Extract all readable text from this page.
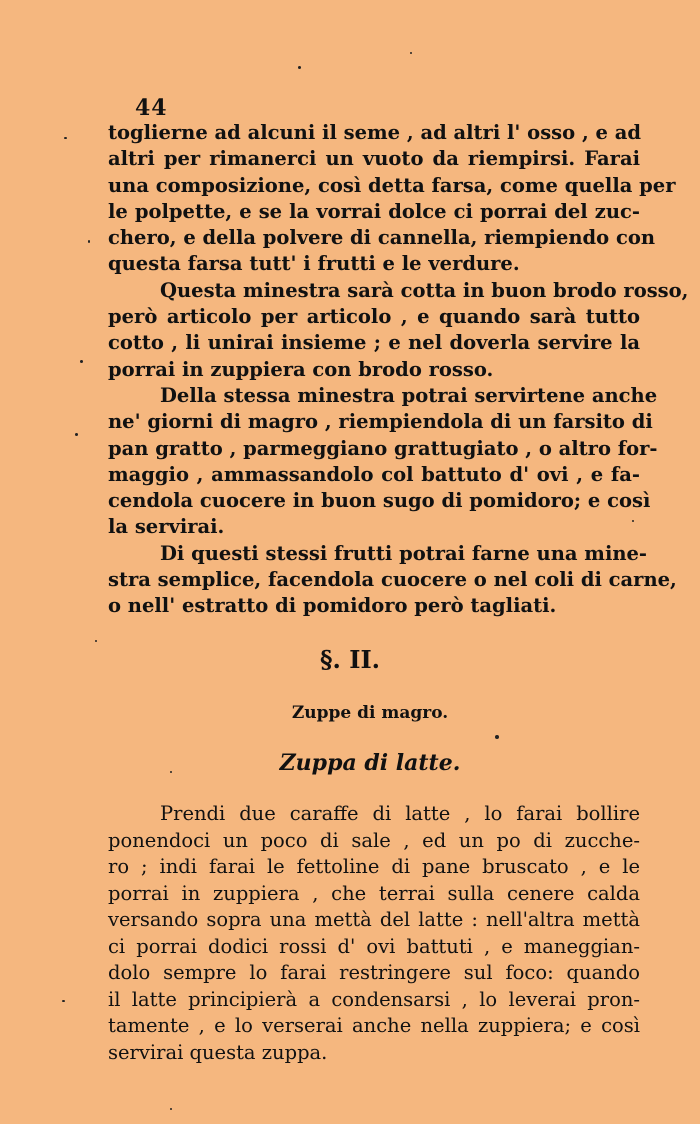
44
toglierne ad alcuni il seme , ad altri l' osso , e ad
altri per rimanerci un vuoto da riempirsi. Farai
una composizione, così detta farsa, come quella per
le polpette, e se la vorrai dolce ci porrai del zuc-
chero, e della polvere di cannella, riempiendo con
questa farsa tutt' i frutti e le verdure.
Questa minestra sarà cotta in buon brodo rosso,
però articolo per articolo , e quando sarà tutto
cotto , li unirai insieme ; e nel doverla servire la
porrai in zuppiera con brodo rosso.
Della stessa minestra potrai servirtene anche
ne' giorni di magro , riempiendola di un farsito di
pan gratto , parmeggiano grattugiato , o altro for-
maggio , ammassandolo col battuto d' ovi , e fa-
cendola cuocere in buon sugo di pomidoro; e così
la servirai.
Di questi stessi frutti potrai farne una mine-
stra semplice, facendola cuocere o nel coli di carne,
o nell' estratto di pomidoro però tagliati.
§. II.
Zuppe di magro.
Zuppa di latte.
Prendi due caraffe di latte , lo farai bollire
ponendoci un poco di sale , ed un po di zucche-
ro ; indi farai le fettoline di pane bruscato , e le
porrai in zuppiera , che terrai sulla cenere calda
versando sopra una mettà del latte : nell'altra mettà
ci porrai dodici rossi d' ovi battuti , e maneggian-
dolo sempre lo farai restringere sul foco: quando
il latte principierà a condensarsi , lo leverai pron-
tamente , e lo verserai anche nella zuppiera; e così
servirai questa zuppa.
